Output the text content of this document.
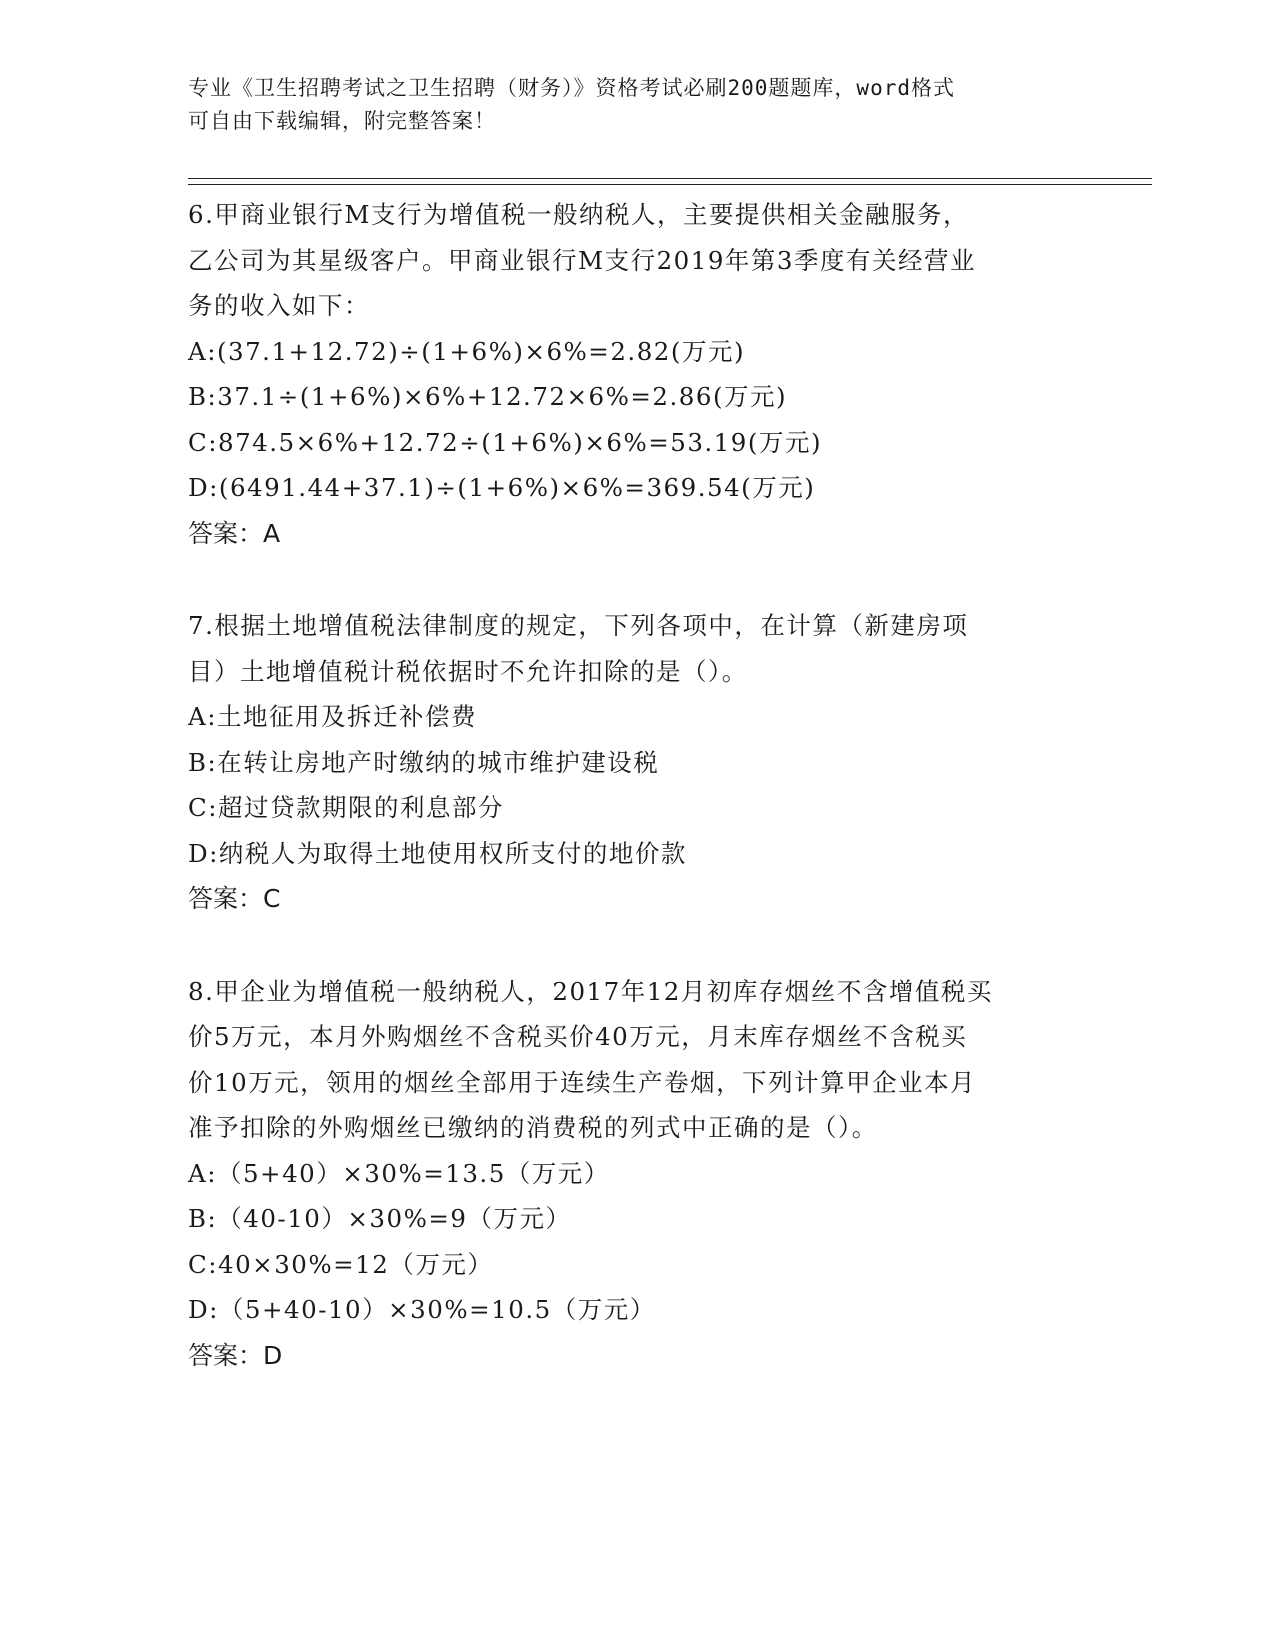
专业《卫生招聘考试之卫生招聘（财务）》资格考试必刷200题题库，word格式
可自由下载编辑，附完整答案！
6.甲商业银行M支行为增值税一般纳税人，主要提供相关金融服务，
乙公司为其星级客户。甲商业银行M支行2019年第3季度有关经营业
务的收入如下：
A:(37.1+12.72)÷(1+6%)×6%=2.82(万元)
B:37.1÷(1+6%)×6%+12.72×6%=2.86(万元)
C:874.5×6%+12.72÷(1+6%)×6%=53.19(万元)
D:(6491.44+37.1)÷(1+6%)×6%=369.54(万元)
答案：A
7.根据土地增值税法律制度的规定，下列各项中，在计算（新建房项
目）土地增值税计税依据时不允许扣除的是（）。
A:土地征用及拆迁补偿费
B:在转让房地产时缴纳的城市维护建设税
C:超过贷款期限的利息部分
D:纳税人为取得土地使用权所支付的地价款
答案：C
8.甲企业为增值税一般纳税人，2017年12月初库存烟丝不含增值税买
价5万元，本月外购烟丝不含税买价40万元，月末库存烟丝不含税买
价10万元，领用的烟丝全部用于连续生产卷烟，下列计算甲企业本月
准予扣除的外购烟丝已缴纳的消费税的列式中正确的是（）。
A:（5+40）×30%=13.5（万元）
B:（40-10）×30%=9（万元）
C:40×30%=12（万元）
D:（5+40-10）×30%=10.5（万元）
答案：D
